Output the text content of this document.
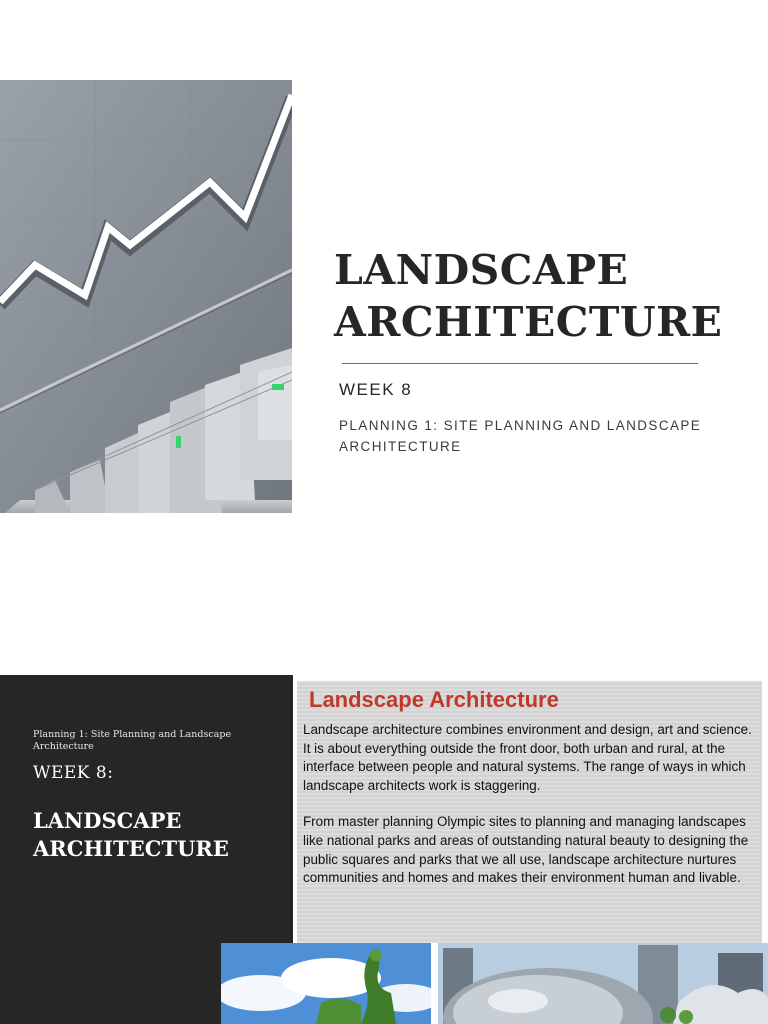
LANDSCAPE
ARCHITECTURE
WEEK 8
PLANNING 1: SITE PLANNING AND LANDSCAPE ARCHITECTURE
Planning 1: Site Planning and Landscape Architecture
WEEK 8:
LANDSCAPE
ARCHITECTURE
Landscape Architecture

Landscape architecture combines environment and design, art and science. It is about everything outside the front door, both urban and rural, at the interface between people and natural systems. The range of ways in which landscape architects work is staggering.

From master planning Olympic sites to planning and managing landscapes like national parks and areas of outstanding natural beauty to designing the public squares and parks that we all use, landscape architecture nurtures communities and homes and makes their environment human and livable.
